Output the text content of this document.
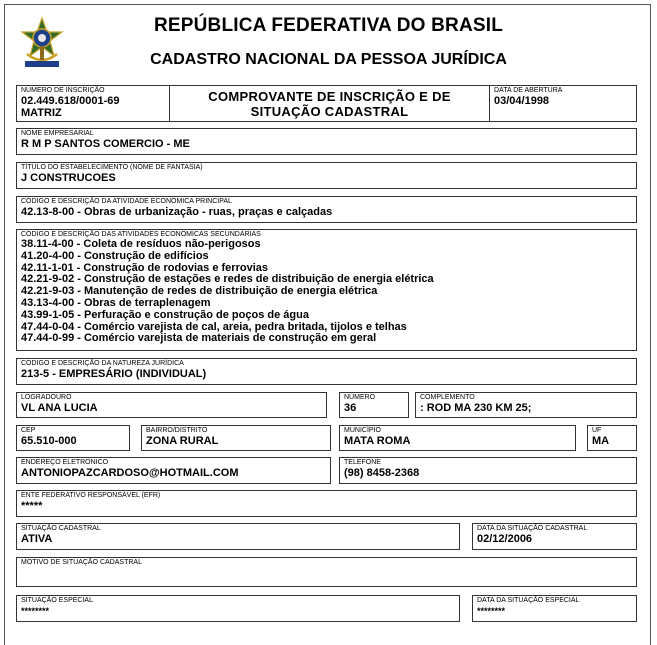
REPÚBLICA FEDERATIVA DO BRASIL
CADASTRO NACIONAL DA PESSOA JURÍDICA
NÚMERO DE INSCRIÇÃO
02.449.618/0001-69
MATRIZ
COMPROVANTE DE INSCRIÇÃO E DE
SITUAÇÃO CADASTRAL
DATA DE ABERTURA
03/04/1998
NOME EMPRESARIAL
R M P SANTOS COMERCIO - ME
TÍTULO DO ESTABELECIMENTO (NOME DE FANTASIA)
J CONSTRUCOES
CÓDIGO E DESCRIÇÃO DA ATIVIDADE ECONÔMICA PRINCIPAL
42.13-8-00 - Obras de urbanização - ruas, praças e calçadas
CÓDIGO E DESCRIÇÃO DAS ATIVIDADES ECONÔMICAS SECUNDÁRIAS
38.11-4-00 - Coleta de resíduos não-perigosos
41.20-4-00 - Construção de edifícios
42.11-1-01 - Construção de rodovias e ferrovias
42.21-9-02 - Construção de estações e redes de distribuição de energia elétrica
42.21-9-03 - Manutenção de redes de distribuição de energia elétrica
43.13-4-00 - Obras de terraplenagem
43.99-1-05 - Perfuração e construção de poços de água
47.44-0-04 - Comércio varejista de cal, areia, pedra britada, tijolos e telhas
47.44-0-99 - Comércio varejista de materiais de construção em geral
CÓDIGO E DESCRIÇÃO DA NATUREZA JURÍDICA
213-5 - EMPRESÁRIO (INDIVIDUAL)
LOGRADOURO
VL ANA LUCIA
NÚMERO
36
COMPLEMENTO
: ROD MA 230 KM 25;
CEP
65.510-000
BAIRRO/DISTRITO
ZONA RURAL
MUNICÍPIO
MATA ROMA
UF
MA
ENDEREÇO ELETRÔNICO
ANTONIOPAZCARDOSO@HOTMAIL.COM
TELEFONE
(98) 8458-2368
ENTE FEDERATIVO RESPONSÁVEL (EFR)
*****
SITUAÇÃO CADASTRAL
ATIVA
DATA DA SITUAÇÃO CADASTRAL
02/12/2006
MOTIVO DE SITUAÇÃO CADASTRAL
SITUAÇÃO ESPECIAL
********
DATA DA SITUAÇÃO ESPECIAL
********
